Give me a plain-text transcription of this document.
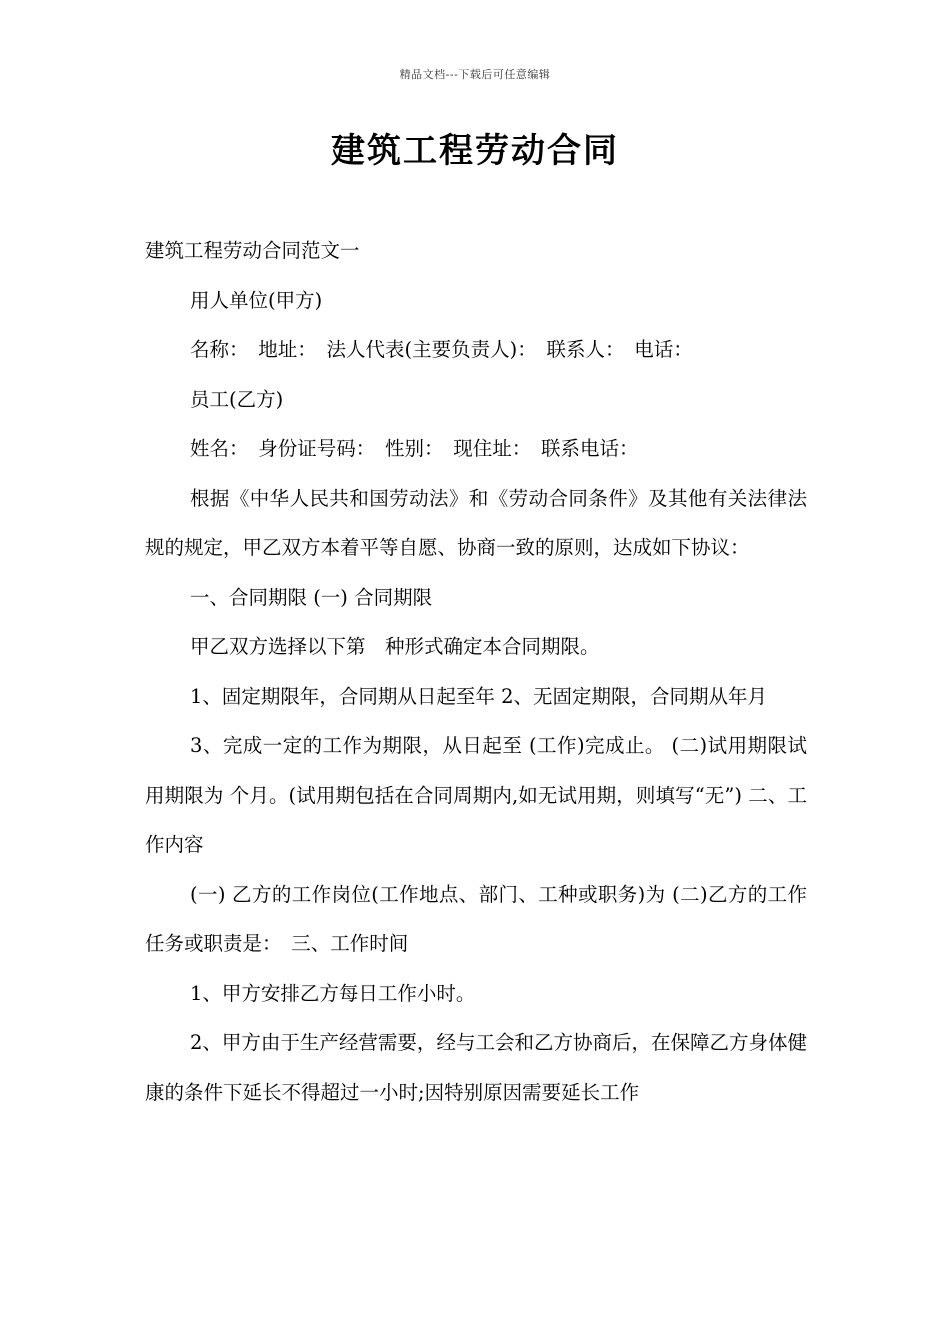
精品文档---下载后可任意编辑
建筑工程劳动合同

建筑工程劳动合同范文一

用人单位(甲方)

名称：　地址：　法人代表(主要负责人)：　联系人：　电话：

员工(乙方)

姓名：　身份证号码：　性别：　现住址：　联系电话：

根据《中华人民共和国劳动法》和《劳动合同条件》及其他有关法律法规的规定，甲乙双方本着平等自愿、协商一致的原则，达成如下协议：

一、合同期限 (一) 合同期限

甲乙双方选择以下第　种形式确定本合同期限。

1、固定期限年，合同期从日起至年 2、无固定期限，合同期从年月

3、完成一定的工作为期限，从日起至 (工作)完成止。 (二)试用期限试用期限为 个月。(试用期包括在合同周期内,如无试用期，则填写“无”) 二、工作内容

(一) 乙方的工作岗位(工作地点、部门、工种或职务)为 (二)乙方的工作任务或职责是：　三、工作时间

1、甲方安排乙方每日工作小时。

2、甲方由于生产经营需要，经与工会和乙方协商后，在保障乙方身体健康的条件下延长不得超过一小时;因特别原因需要延长工作
